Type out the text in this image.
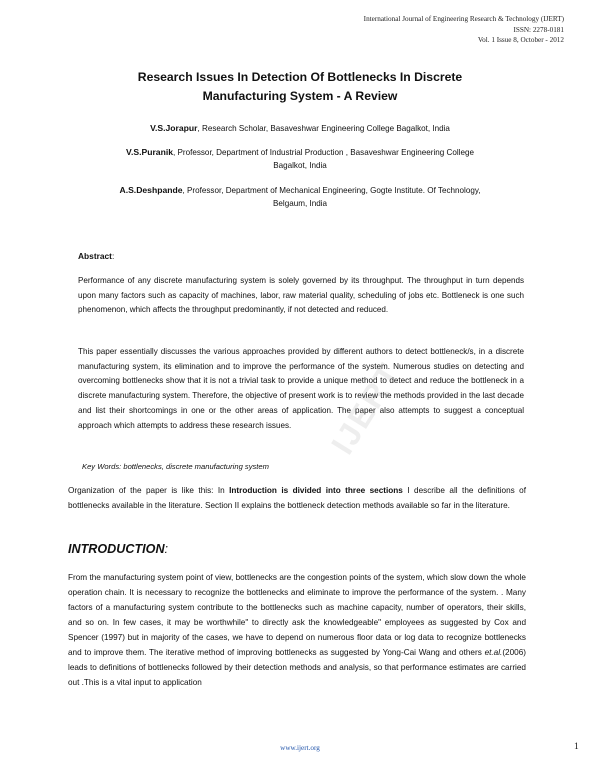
International Journal of Engineering Research & Technology (IJERT)
ISSN: 2278-0181
Vol. 1 Issue 8, October - 2012
Research Issues In Detection Of Bottlenecks In Discrete
Manufacturing System - A Review
V.S.Jorapur, Research Scholar, Basaveshwar Engineering College Bagalkot, India
V.S.Puranik, Professor, Department of Industrial Production , Basaveshwar Engineering College
Bagalkot, India
A.S.Deshpande, Professor, Department of Mechanical Engineering, Gogte Institute. Of Technology,
Belgaum, India
Abstract:
Performance of any discrete manufacturing system is solely governed by its throughput. The throughput in turn depends upon many factors such as capacity of machines, labor, raw material quality, scheduling of jobs etc. Bottleneck is one such phenomenon, which affects the throughput predominantly, if not detected and reduced.
This paper essentially discusses the various approaches provided by different authors to detect bottleneck/s, in a discrete manufacturing system, its elimination and to improve the performance of the system. Numerous studies on detecting and overcoming bottlenecks show that it is not a trivial task to provide a unique method to detect and reduce the bottleneck in a discrete manufacturing system. Therefore, the objective of present work is to review the methods provided in the last decade and list their shortcomings in one or the other areas of application. The paper also attempts to suggest a conceptual approach which attempts to address these research issues.
Key Words: bottlenecks, discrete manufacturing system
Organization of the paper is like this: In Introduction is divided into three sections I describe all the definitions of bottlenecks available in the literature. Section II explains the bottleneck detection methods available so far in the literature.
INTRODUCTION:
From the manufacturing system point of view, bottlenecks are the congestion points of the system, which slow down the whole operation chain. It is necessary to recognize the bottlenecks and eliminate to improve the performance of the system. . Many factors of a manufacturing system contribute to the bottlenecks such as machine capacity, number of operators, their skills, and so on. In few cases, it may be worthwhile" to directly ask the knowledgeable" employees as suggested by Cox and Spencer (1997) but in majority of the cases, we have to depend on numerous floor data or log data to recognize bottlenecks and to improve them. The iterative method of improving bottlenecks as suggested by Yong-Cai Wang and others et.al.(2006) leads to definitions of bottlenecks followed by their detection methods and analysis, so that performance estimates are carried out .This is a vital input to application
IJERT
www.ijert.org	1
